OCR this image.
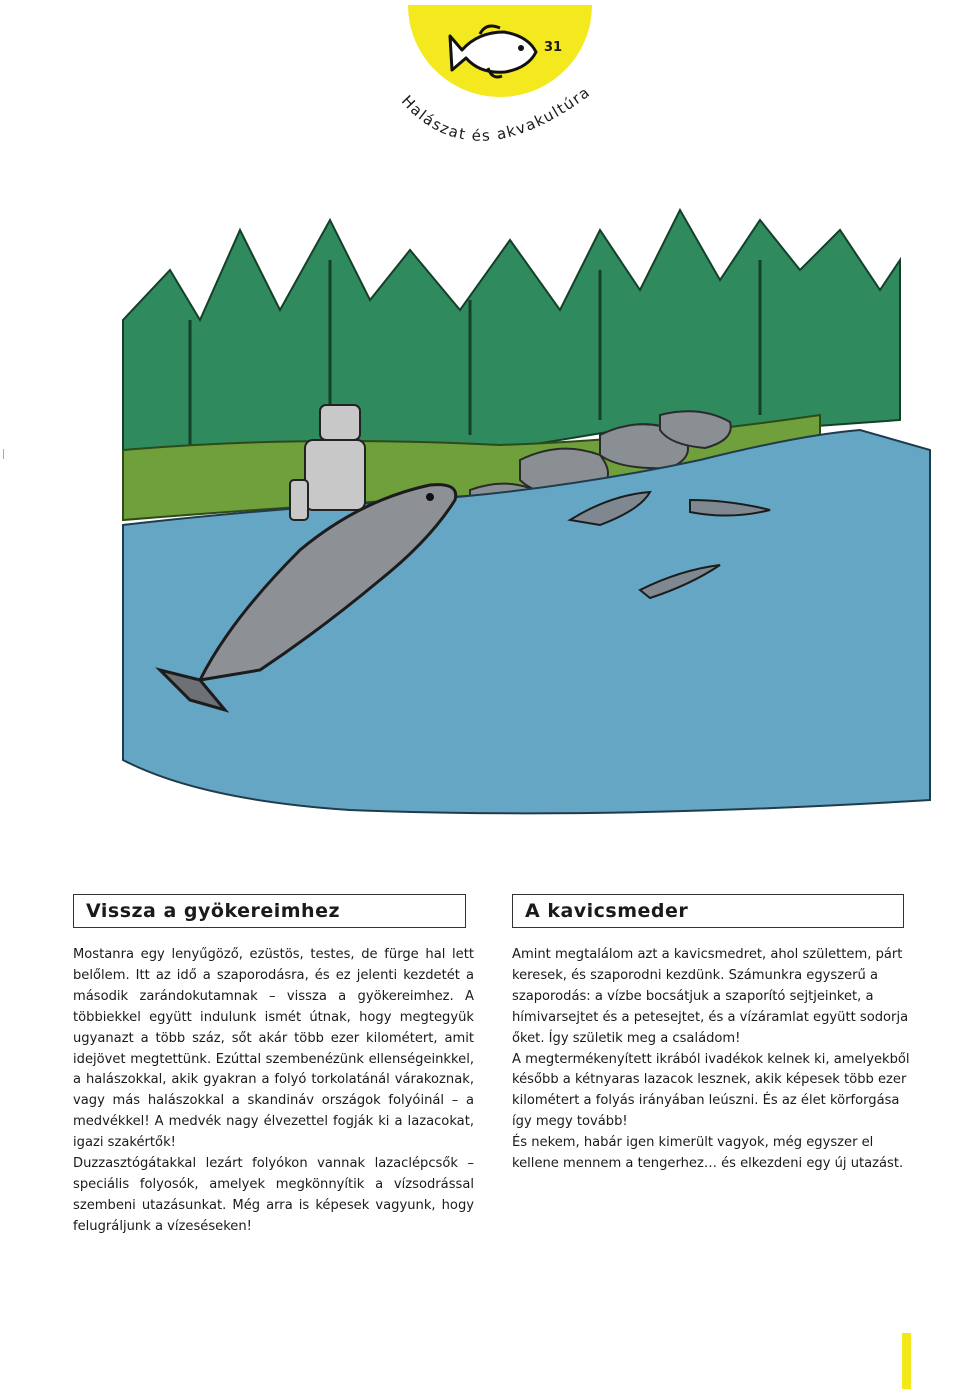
31
Halászat és akvakultúra
Vissza a gyökereimhez

Mostanra egy lenyűgöző, ezüstös, testes, de fürge hal lett belőlem. Itt az idő a szaporodásra, és ez jelenti kezdetét a második zarándokutamnak – vissza a gyökereimhez. A többiekkel együtt indulunk ismét útnak, hogy megtegyük ugyanazt a több száz, sőt akár több ezer kilométert, amit idejövet megtettünk. Ezúttal szembenézünk ellenségeinkkel, a halászokkal, akik gyakran a folyó torkolatánál várakoznak, vagy más halászokkal a skandináv országok folyóinál – a medvékkel! A medvék nagy élvezettel fogják ki a lazacokat, igazi szakértők!

Duzzasztógátakkal lezárt folyókon vannak lazaclépcsők – speciális folyosók, amelyek megkönnyítik a vízsodrással szembeni utazásunkat. Még arra is képesek vagyunk, hogy felugráljunk a vízeséseken!

A kavicsmeder

Amint megtalálom azt a kavicsmedret, ahol születtem, párt keresek, és szaporodni kezdünk. Számunkra egyszerű a szaporodás: a vízbe bocsátjuk a szaporító sejtjeinket, a hímivarsejtet és a petesejtet, és a vízáramlat együtt sodorja őket. Így születik meg a családom!

A megtermékenyített ikrából ivadékok kelnek ki, amelyekből később a kétnyaras lazacok lesznek, akik képesek több ezer kilométert a folyás irányában leúszni. És az élet körforgása így megy tovább!

És nekem, habár igen kimerült vagyok, még egyszer el kellene mennem a tengerhez… és elkezdeni egy új utazást.
